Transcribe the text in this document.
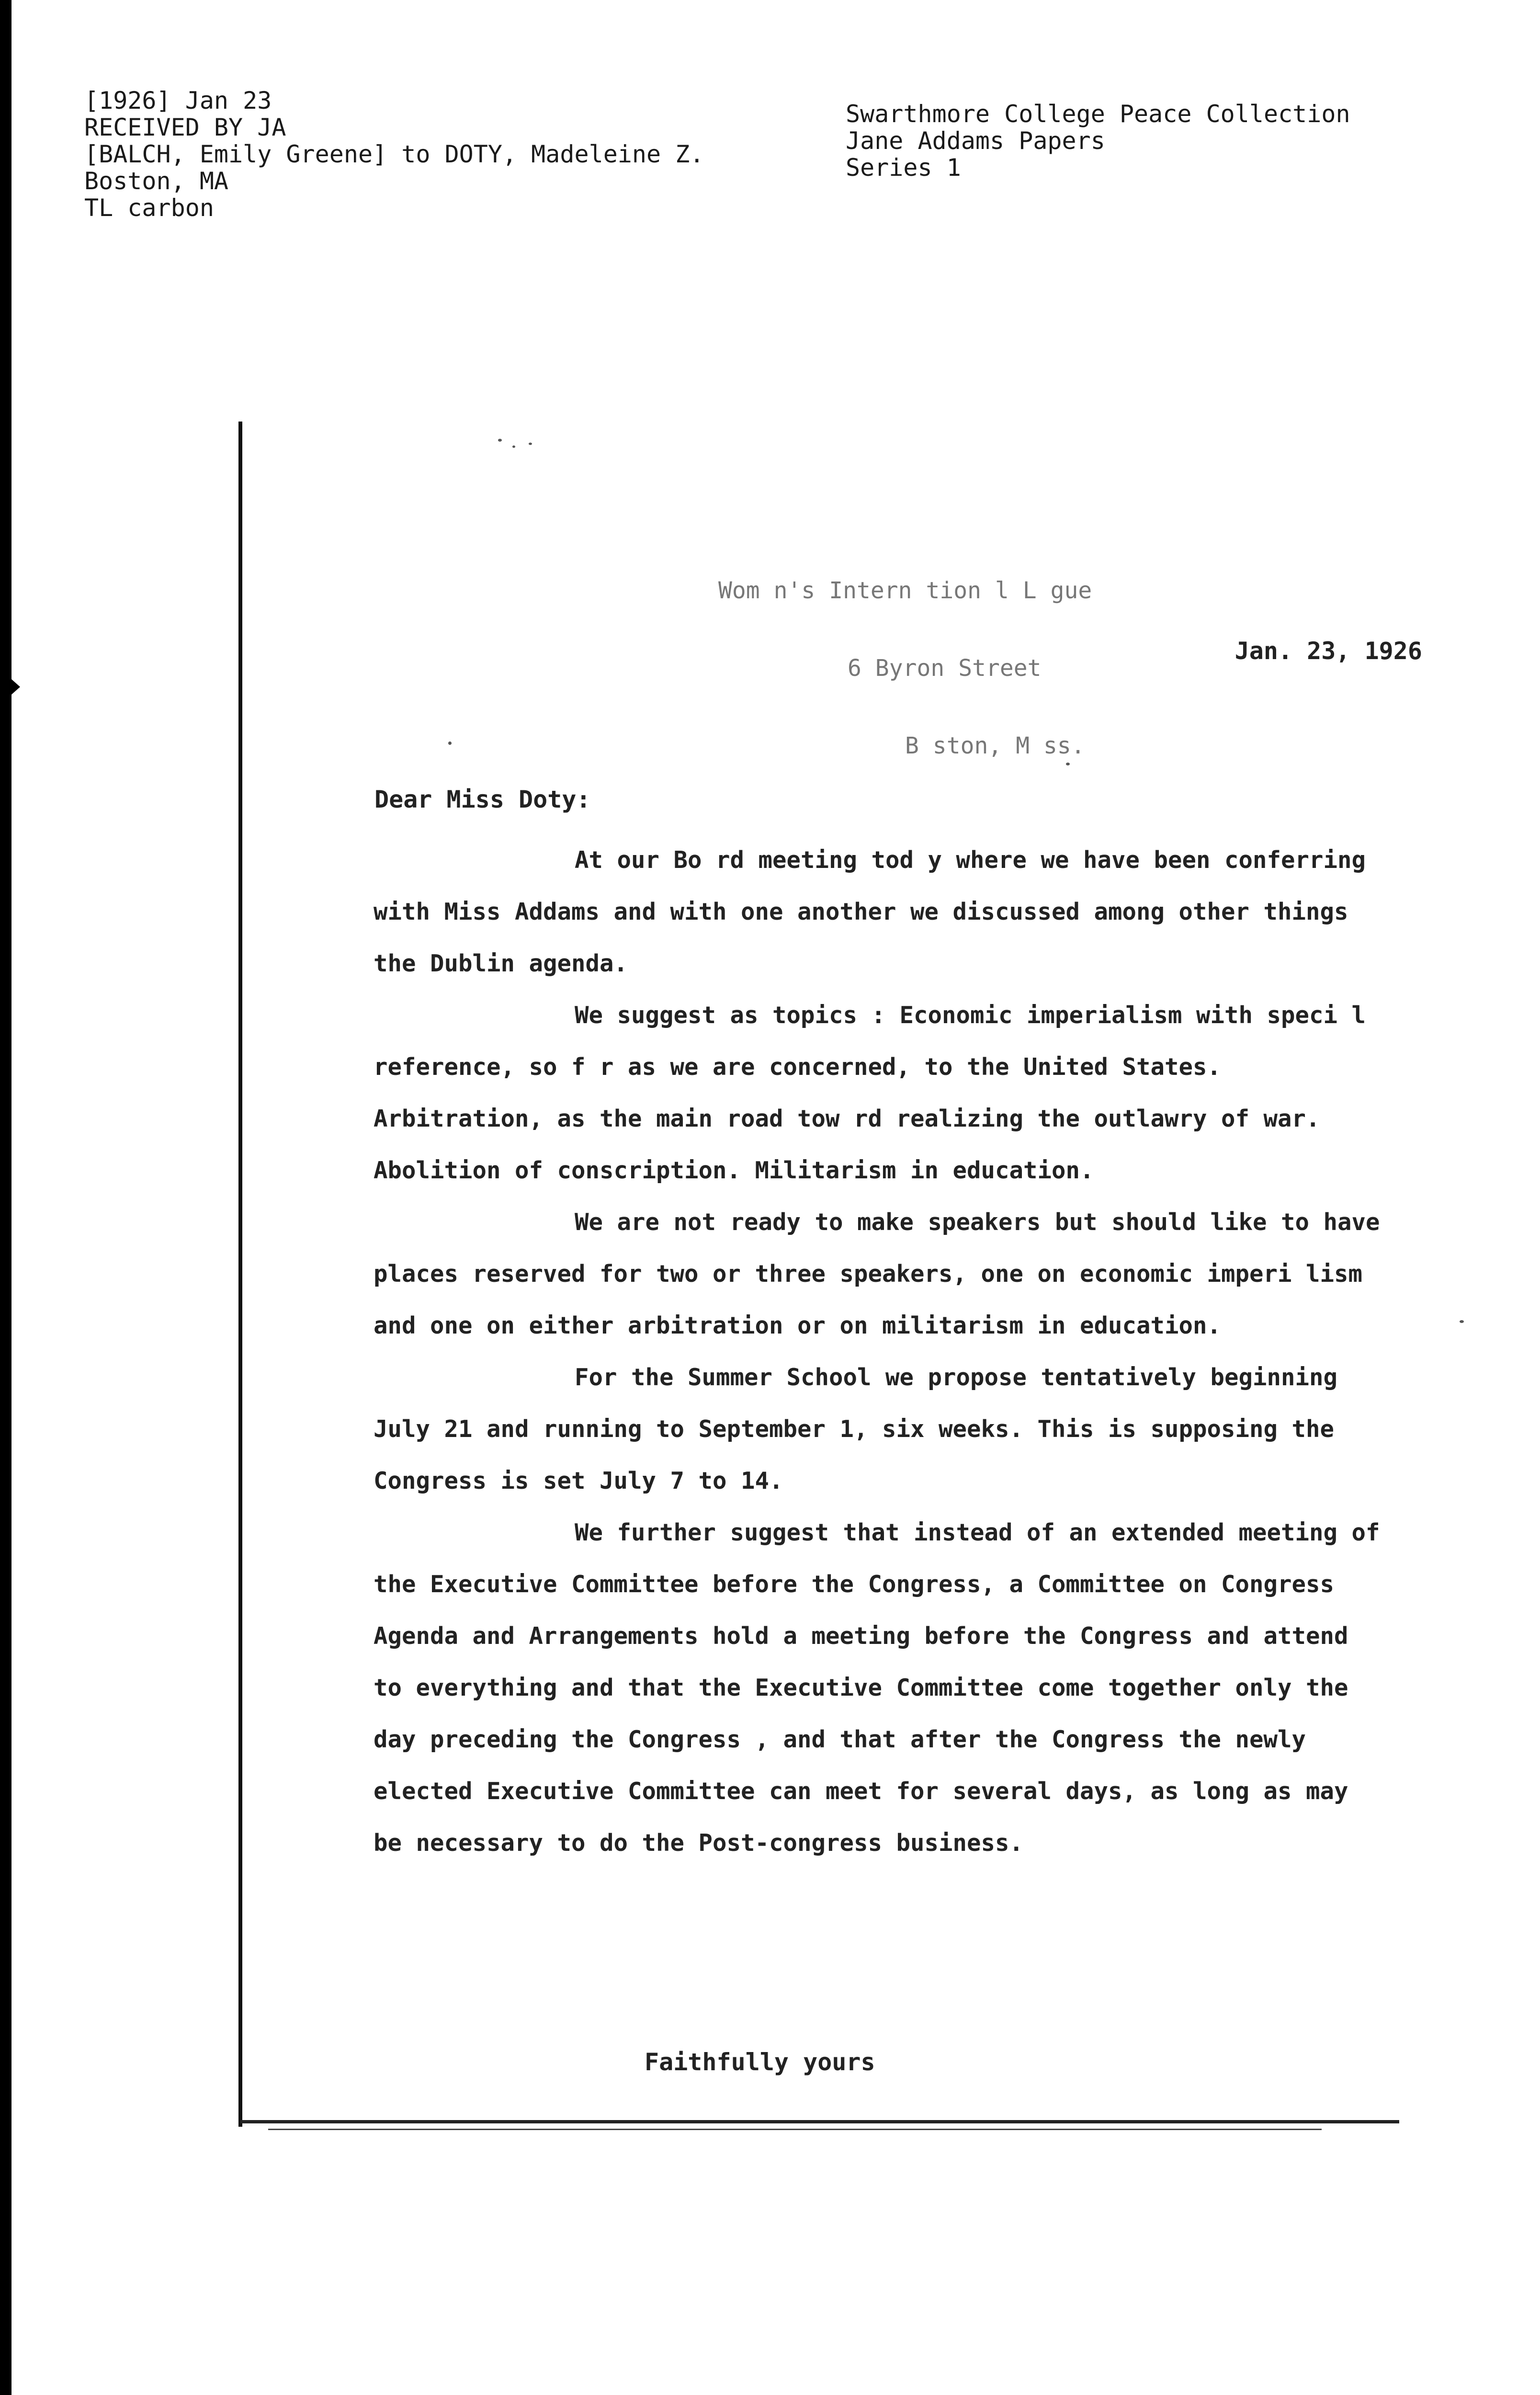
[1926] Jan 23
RECEIVED BY JA
[BALCH, Emily Greene] to DOTY, Madeleine Z.
Boston, MA
TL carbon
Swarthmore College Peace Collection
Jane Addams Papers
Series 1

Wom n's Intern tion l L gue

6 Byron Street

B ston, M ss.

Jan. 23, 1926
Dear Miss Doty:

At our Bo rd meeting tod y where we have been conferring with Miss Addams and with one another we discussed among other things the Dublin agenda.

We suggest as topics : Economic imperialism with speci l reference, so f r as we are concerned, to the United States. Arbitration, as the main road tow rd realizing the outlawry of war. Abolition of conscription. Militarism in education.

We are not ready to make speakers but should like to have places reserved for two or three speakers, one on economic imperi lism and one on either arbitration or on militarism in education.

For the Summer School we propose tentatively beginning July 21 and running to September 1, six weeks. This is supposing the Congress is set July 7 to 14.

We further suggest that instead of an extended meeting of the Executive Committee before the Congress, a Committee on Congress Agenda and Arrangements hold a meeting before the Congress and attend to everything and that the Executive Committee come together only the day preceding the Congress , and that after the Congress the newly elected Executive Committee can meet for several days, as long as may be necessary to do the Post-congress business.

Faithfully yours
